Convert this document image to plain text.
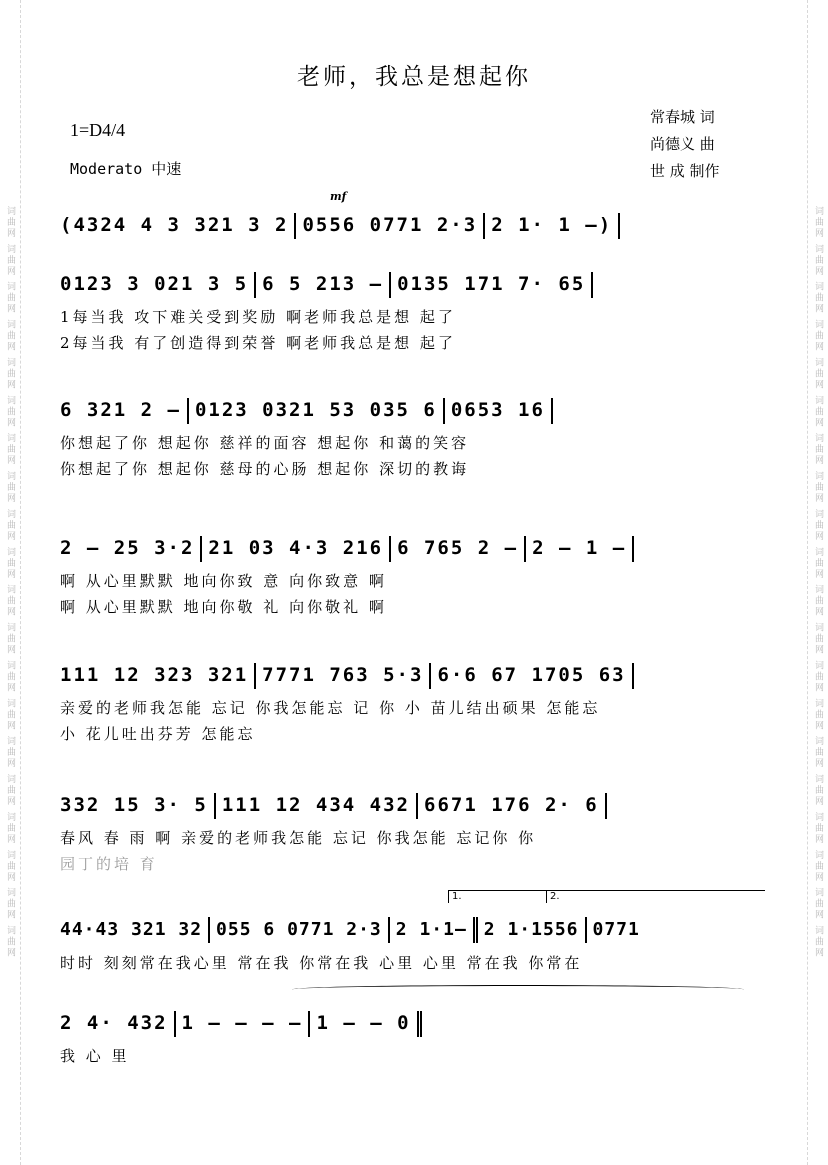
词曲网 词曲网 词曲网 词曲网 词曲网 词曲网 词曲网 词曲网 词曲网 词曲网 词曲网 词曲网 词曲网 词曲网 词曲网 词曲网 词曲网 词曲网 词曲网 词曲网
词曲网 词曲网 词曲网 词曲网 词曲网 词曲网 词曲网 词曲网 词曲网 词曲网 词曲网 词曲网 词曲网 词曲网 词曲网 词曲网 词曲网 词曲网 词曲网 词曲网
老师，我总是想起你
1=D4/4
Moderato 中速
常春城 词
尚德义 曲
世 成 制作
mf
(4324 4 3 321 3 2 0556 0771 2·3 2 1· 1 –)
0123 3 021 3 5 6 5 213 – 0135 171 7· 65
1每当我 攻下难关受到奖励 啊老师我总是想 起了
2每当我 有了创造得到荣誉 啊老师我总是想 起了
6 321 2 – 0123 0321 53 035 6 0653 16
你想起了你 想起你 慈祥的面容 想起你 和蔼的笑容
你想起了你 想起你 慈母的心肠 想起你 深切的教诲
2 – 25 3·2 21 03 4·3 216 6 765 2 – 2 – 1 –
啊 从心里默默 地向你致 意 向你致意 啊
啊 从心里默默 地向你敬 礼 向你敬礼 啊
111 12 323 321 7771 763 5·3 6·6 67 1705 63
亲爱的老师我怎能 忘记 你我怎能忘 记 你 小 苗儿结出硕果 怎能忘
小 花儿吐出芬芳 怎能忘
332 15 3· 5 111 12 434 432 6671 176 2· 6
春风 春 雨 啊 亲爱的老师我怎能 忘记 你我怎能 忘记你 你
园丁的培 育
1.	2.
44·43 321 32 055 6 0771 2·3 2 1·1– 2 1·1556 0771
时时 刻刻常在我心里 常在我 你常在我 心里 心里 常在我 你常在
2 4· 432 1 – – – – 1 – – 0
我 心 里
